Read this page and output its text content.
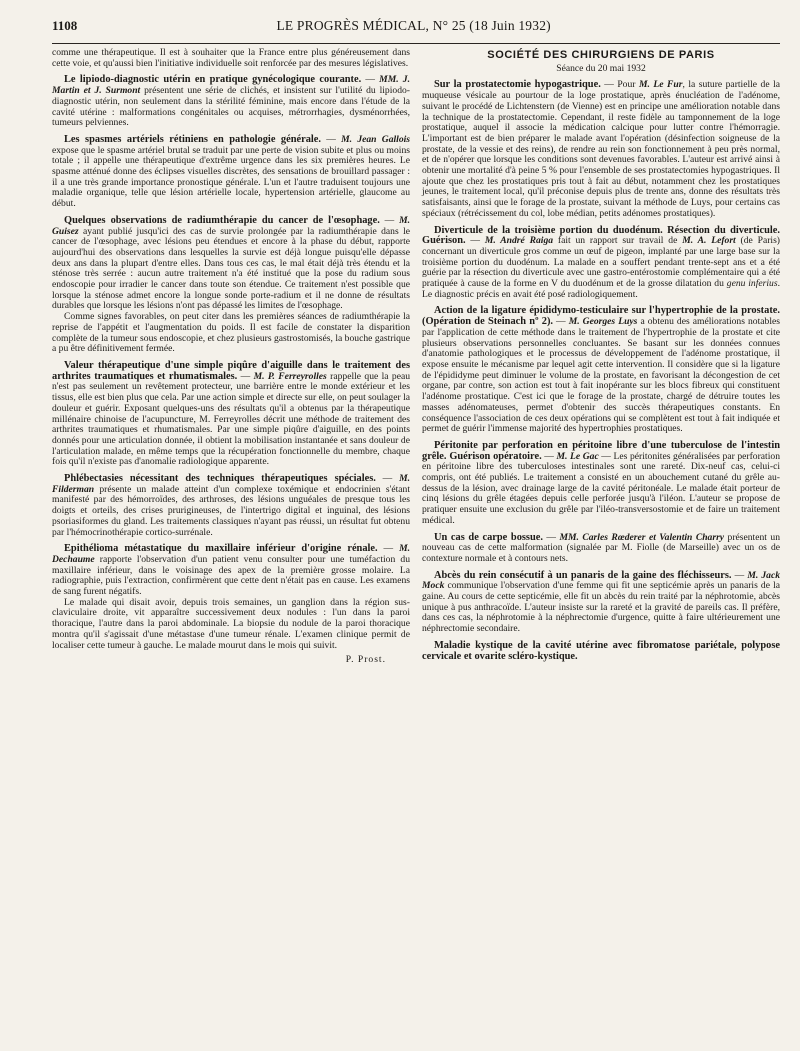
1108	LE PROGRÈS MÉDICAL, N° 25 (18 Juin 1932)

comme une thérapeutique. Il est à souhaiter que la France entre plus généreusement dans cette voie, et qu'aussi bien l'initiative individuelle soit renforcée par des mesures législatives.

Le lipiodo-diagnostic utérin en pratique gynécologique courante. — MM. J. Martin et J. Surmont présentent une série de clichés, et insistent sur l'utilité du lipiodo-diagnostic utérin, non seulement dans la stérilité féminine, mais encore dans l'étude de la cavité utérine : malformations congénitales ou acquises, métrorrhagies, dysménorrhées, tumeurs pelviennes.

Les spasmes artériels rétiniens en pathologie générale. — M. Jean Gallois expose que le spasme artériel brutal se traduit par une perte de vision subite et plus ou moins totale ; il appelle une thérapeutique d'extrême urgence dans les six premières heures. Le spasme atténué donne des éclipses visuelles discrètes, des sensations de brouillard passager : il a une très grande importance pronostique générale. L'un et l'autre traduisent toujours une maladie organique, telle que lésion artérielle locale, hypertension artérielle, glaucome au début.

Quelques observations de radiumthérapie du cancer de l'œsophage. — M. Guisez ayant publié jusqu'ici des cas de survie prolongée par la radiumthérapie dans le cancer de l'œsophage, avec lésions peu étendues et encore à la phase du début, rapporte aujourd'hui des observations dans lesquelles la survie est déjà longue puisqu'elle dépasse deux ans dans la plupart d'entre elles. Dans tous ces cas, le mal était déjà très étendu et la sténose très serrée : aucun autre traitement n'a été institué que la pose du radium sous endoscopie pour irradier le cancer dans toute son étendue. Ce traitement n'est possible que lorsque la sténose admet encore la longue sonde porte-radium et il ne donne de résultats durables que lorsque les lésions n'ont pas dépassé les limites de l'œsophage.

Comme signes favorables, on peut citer dans les premières séances de radiumthérapie la reprise de l'appétit et l'augmentation du poids. Il est facile de constater la disparition complète de la tumeur sous endoscopie, et chez plusieurs gastrostomisés, la bouche gastrique a pu être définitivement fermée.

Valeur thérapeutique d'une simple piqûre d'aiguille dans le traitement des arthrites traumatiques et rhumatismales. — M. P. Ferreyrolles rappelle que la peau n'est pas seulement un revêtement protecteur, une barrière entre le monde extérieur et les tissus, elle est bien plus que cela. Par une action simple et directe sur elle, on peut soulager la douleur et guérir. Exposant quelques-uns des résultats qu'il a obtenus par la thérapeutique millénaire chinoise de l'acupuncture, M. Ferreyrolles décrit une méthode de traitement des arthrites traumatiques et rhumatismales. Par une simple piqûre d'aiguille, en des points donnés pour une articulation donnée, il obtient la mobilisation instantanée et sans douleur de l'articulation malade, en même temps que la récupération fonctionnelle du membre, chaque fois qu'il n'existe pas d'anomalie radiologique apparente.

Phlébectasies nécessitant des techniques thérapeutiques spéciales. — M. Filderman présente un malade atteint d'un complexe toxémique et endocrinien s'étant manifesté par des hémorroïdes, des arthroses, des lésions unguéales de presque tous les doigts et orteils, des crises prurigineuses, de l'intertrigo digital et inguinal, des lésions psoriasiformes du gland. Les traitements classiques n'ayant pas réussi, un résultat fut obtenu par l'hémocrinothérapie cortico-surrénale.

Epithélioma métastatique du maxillaire inférieur d'origine rénale. — M. Dechaume rapporte l'observation d'un patient venu consulter pour une tuméfaction du maxillaire inférieur, dans le voisinage des apex de la première grosse molaire. La radiographie, puis l'extraction, confirmèrent que cette dent n'était pas en cause. Les examens de sang furent négatifs.

Le malade qui disait avoir, depuis trois semaines, un ganglion dans la région sus-claviculaire droite, vit apparaître successivement deux nodules : l'un dans la paroi thoracique, l'autre dans la paroi abdominale. La biopsie du nodule de la paroi thoracique montra qu'il s'agissait d'une métastase d'une tumeur rénale. L'examen clinique permit de localiser cette tumeur à gauche. Le malade mourut dans le mois qui suivit.

P. Prost.
SOCIÉTÉ DES CHIRURGIENS DE PARIS
Séance du 20 mai 1932

Sur la prostatectomie hypogastrique. — Pour M. Le Fur, la suture partielle de la muqueuse vésicale au pourtour de la loge prostatique, après énucléation de l'adénome, suivant le procédé de Lichtenstern (de Vienne) est en principe une amélioration notable dans la technique de la prostatectomie. Cependant, il reste fidèle au tamponnement de la loge prostatique, auquel il associe la médication calcique pour lutter contre l'hémorragie. L'important est de bien préparer le malade avant l'opération (désinfection soigneuse de la prostate, de la vessie et des reins), de rendre au rein son fonctionnement à peu près normal, et de n'opérer que lorsque les conditions sont devenues favorables. L'auteur est arrivé ainsi à obtenir une mortalité d'à peine 5 % pour l'ensemble de ses prostatectomies hypogastriques. Il ajoute que chez les prostatiques pris tout à fait au début, notamment chez les prostatiques jeunes, le traitement local, qu'il préconise depuis plus de trente ans, donne des résultats très satisfaisants, ainsi que le forage de la prostate, suivant la méthode de Luys, pour certains cas spéciaux (rétrécissement du col, lobe médian, petits adénomes prostatiques).

Diverticule de la troisième portion du duodénum. Résection du diverticule. Guérison. — M. André Raiga fait un rapport sur travail de M. A. Lefort (de Paris) concernant un diverticule gros comme un œuf de pigeon, implanté par une large base sur la troisième portion du duodénum. La malade en a souffert pendant trente-sept ans et a été guérie par la résection du diverticule avec une gastro-entérostomie complémentaire qui a été pratiquée à cause de la forme en V du duodénum et de la grosse dilatation du genu inferius. Le diagnostic précis en avait été posé radiologiquement.

Action de la ligature épididymo-testiculaire sur l'hypertrophie de la prostate. (Opération de Steinach nº 2). — M. Georges Luys a obtenu des améliorations notables par l'application de cette méthode dans le traitement de l'hypertrophie de la prostate et cite plusieurs observations personnelles concluantes. Se basant sur les données connues d'anatomie pathologiques et le processus de développement de l'adénome prostatique, il expose ensuite le mécanisme par lequel agit cette intervention. Il considère que si la ligature de l'épididyme peut diminuer le volume de la prostate, en favorisant la décongestion de cet organe, par contre, son action est tout à fait inopérante sur les blocs fibreux qui constituent l'adénome prostatique. C'est ici que le forage de la prostate, chargé de détruire toutes les masses adénomateuses, permet d'obtenir des succès thérapeutiques constants. En conséquence l'association de ces deux opérations qui se complètent est tout à fait indiquée et permet de guérir l'immense majorité des hypertrophies prostatiques.

Péritonite par perforation en péritoine libre d'une tuberculose de l'intestin grêle. Guérison opératoire. — M. Le Gac — Les péritonites généralisées par perforation en péritoine libre des tuberculoses intestinales sont une rareté. Dix-neuf cas, celui-ci compris, ont été publiés. Le traitement a consisté en un abouchement cutané du grêle au-dessus de la lésion, avec drainage large de la cavité péritonéale. Le malade était porteur de cinq lésions du grêle étagées depuis celle perforée jusqu'à l'iléon. L'auteur se propose de pratiquer ensuite une exclusion du grêle par l'iléo-transversostomie et de faire un traitement médical.

Un cas de carpe bossue. — MM. Carles Rœderer et Valentin Charry présentent un nouveau cas de cette malformation (signalée par M. Fiolle (de Marseille) avec un os de contexture normale et à contours nets.

Abcès du rein consécutif à un panaris de la gaine des fléchisseurs. — M. Jack Mock communique l'observation d'une femme qui fit une septicémie après un panaris de la gaine. Au cours de cette septicémie, elle fit un abcès du rein traité par la néphrotomie, abcès unique à pus anthracoïde. L'auteur insiste sur la rareté et la gravité de pareils cas. Il préfère, dans ces cas, la néphrotomie à la néphrectomie d'urgence, quitte à faire ultérieurement une néphrectomie secondaire.

Maladie kystique de la cavité utérine avec fibromatose pariétale, polypose cervicale et ovarite scléro-kystique.
